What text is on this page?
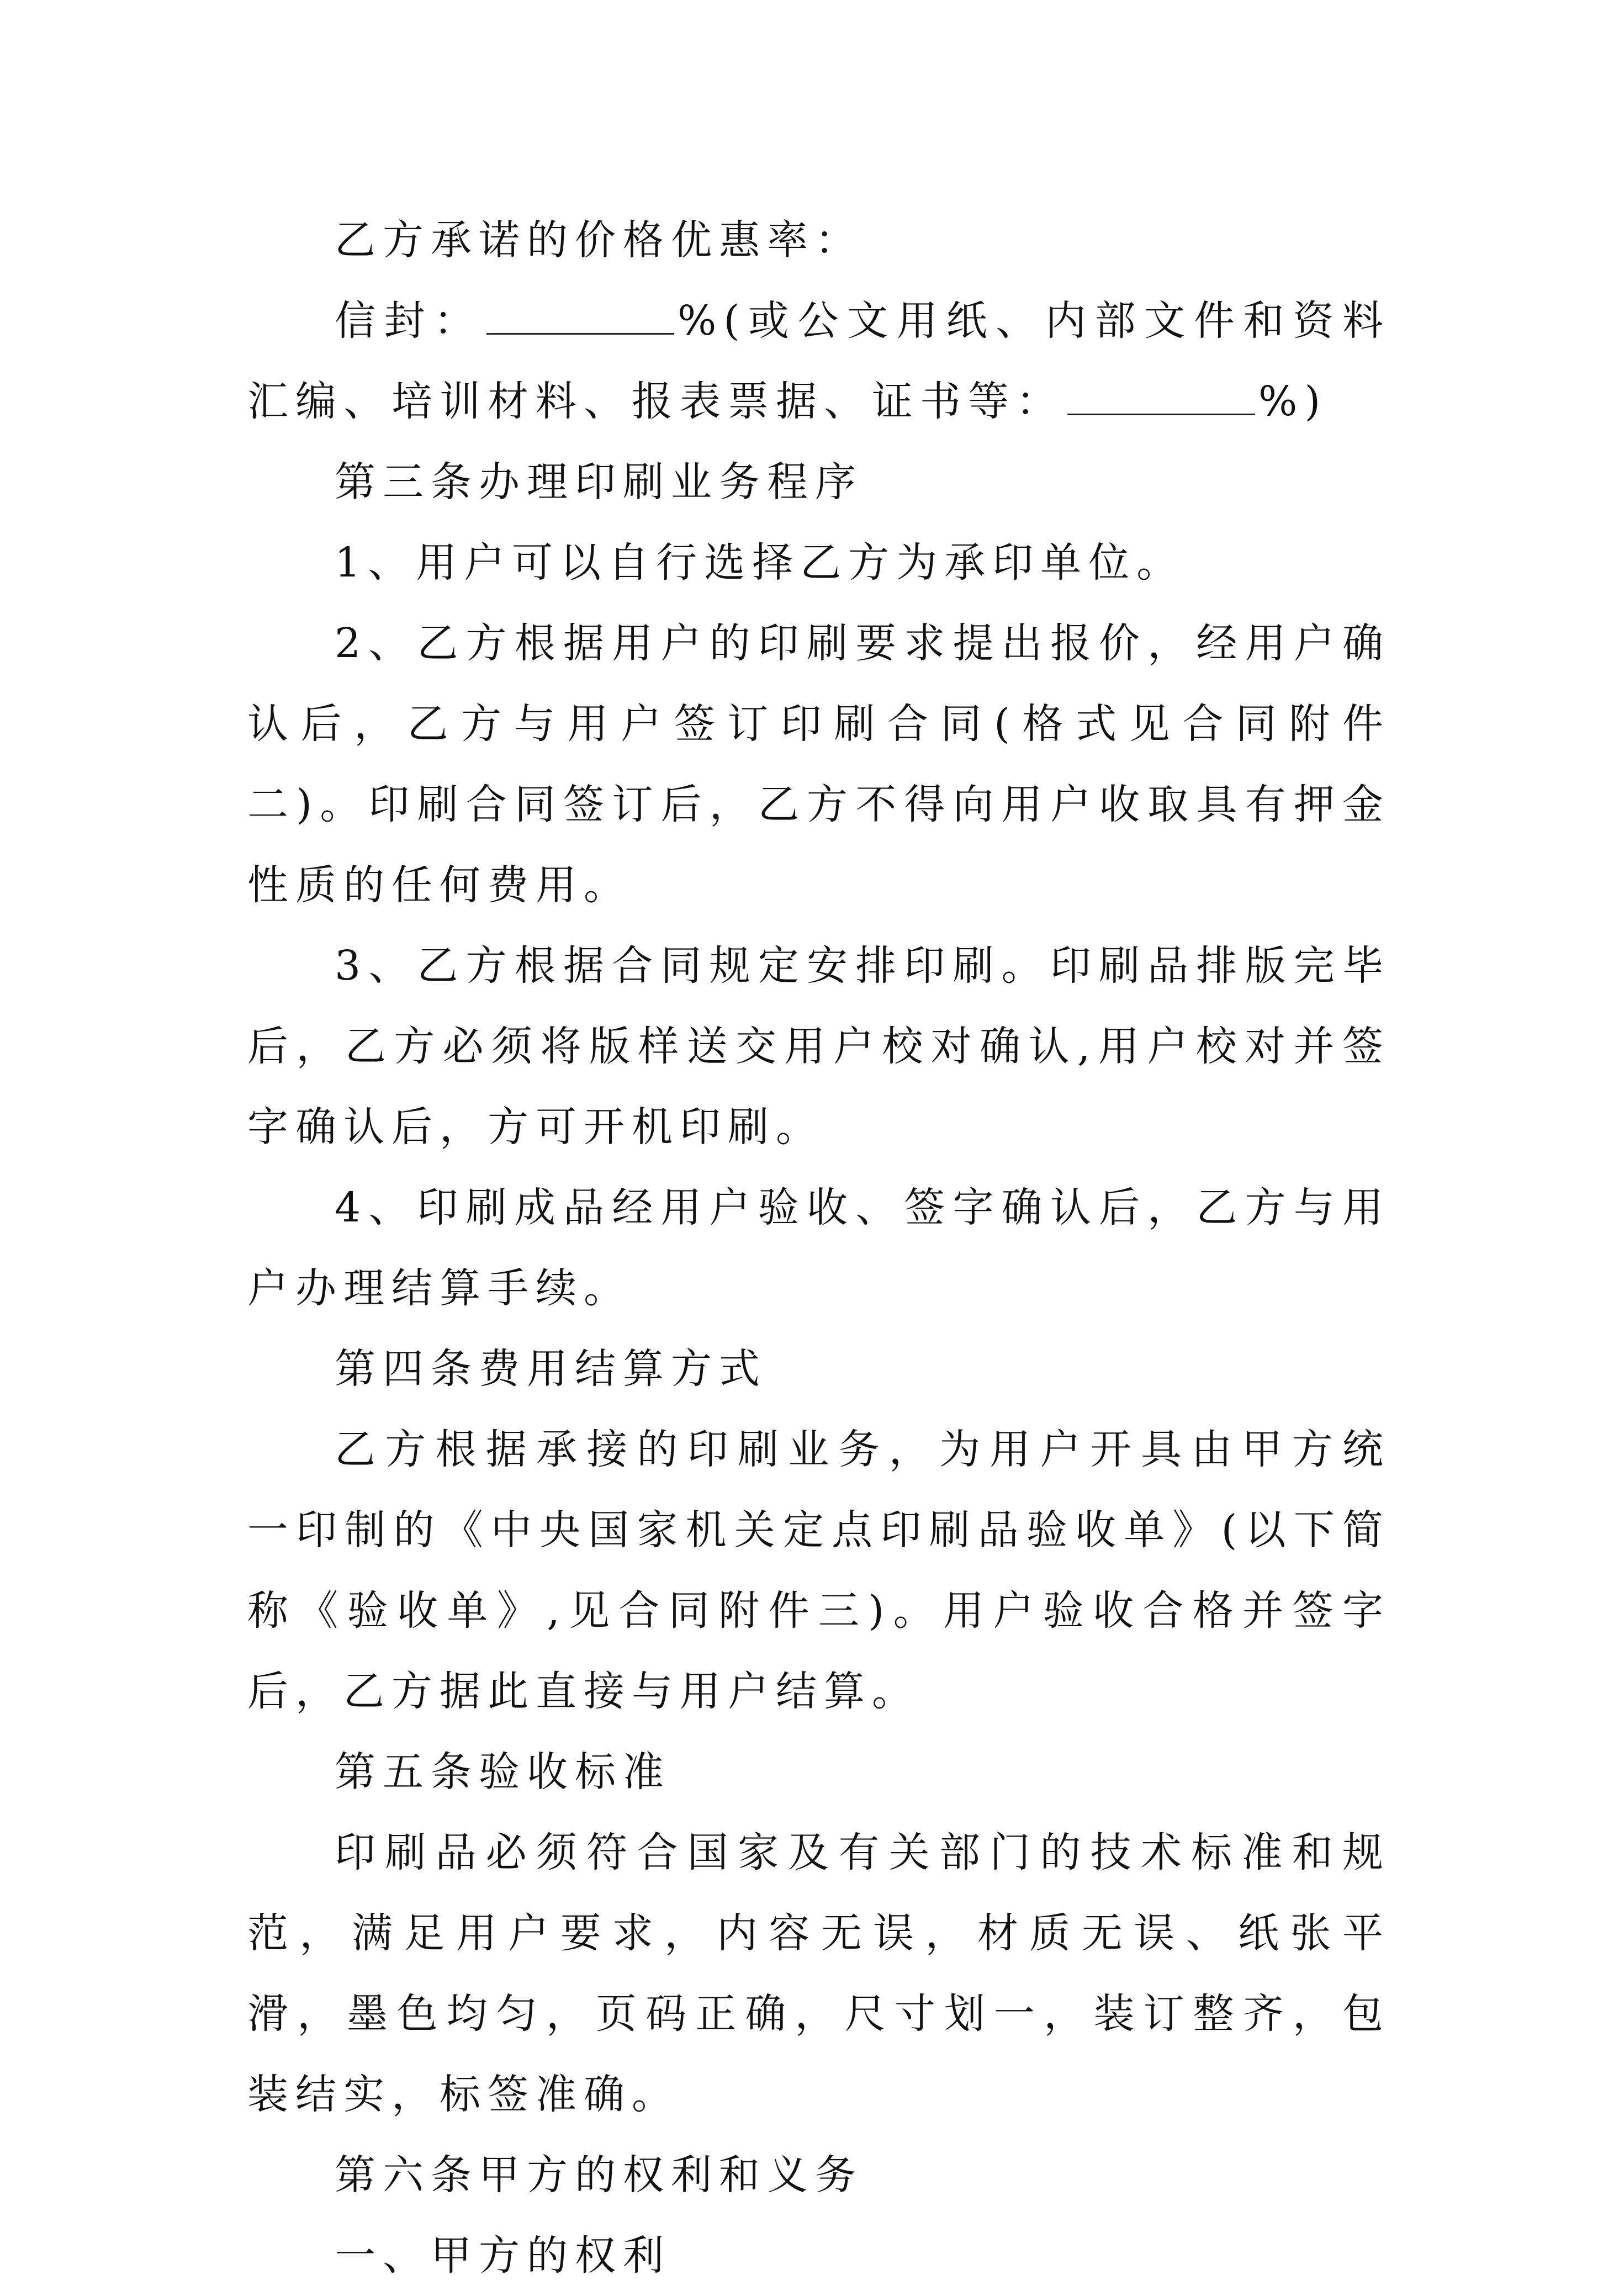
乙方承诺的价格优惠率：

信封：	%(或公文用纸、内部文件和资料汇编、培训材料、报表票据、证书等：	%)

第三条办理印刷业务程序

1、用户可以自行选择乙方为承印单位。

2、乙方根据用户的印刷要求提出报价，经用户确认后，乙方与用户签订印刷合同(格式见合同附件二)。印刷合同签订后，乙方不得向用户收取具有押金性质的任何费用。

3、乙方根据合同规定安排印刷。印刷品排版完毕后，乙方必须将版样送交用户校对确认,用户校对并签字确认后，方可开机印刷。

4、印刷成品经用户验收、签字确认后，乙方与用户办理结算手续。

第四条费用结算方式

乙方根据承接的印刷业务，为用户开具由甲方统一印制的《中央国家机关定点印刷品验收单》(以下简称《验收单》,见合同附件三)。用户验收合格并签字后，乙方据此直接与用户结算。

第五条验收标准

印刷品必须符合国家及有关部门的技术标准和规范，满足用户要求，内容无误，材质无误、纸张平滑，墨色均匀，页码正确，尺寸划一，装订整齐，包装结实，标签准确。

第六条甲方的权利和义务

一、甲方的权利
